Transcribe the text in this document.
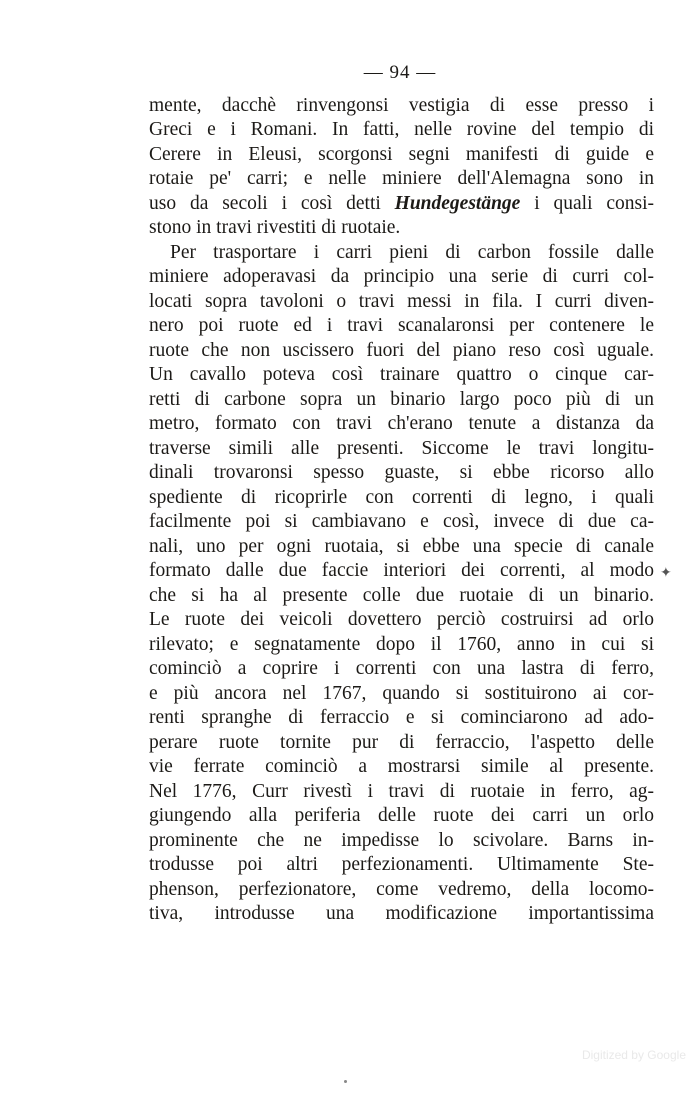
— 94 —
mente, dacchè rinvengonsi vestigia di esse presso i
Greci e i Romani. In fatti, nelle rovine del tempio di
Cerere in Eleusi, scorgonsi segni manifesti di guide e
rotaie pe' carri; e nelle miniere dell'Alemagna sono in
uso da secoli i così detti Hundegestänge i quali consi-
stono in travi rivestiti di ruotaie.
Per trasportare i carri pieni di carbon fossile dalle
miniere adoperavasi da principio una serie di curri col-
locati sopra tavoloni o travi messi in fila. I curri diven-
nero poi ruote ed i travi scanalaronsi per contenere le
ruote che non uscissero fuori del piano reso così uguale.
Un cavallo poteva così trainare quattro o cinque car-
retti di carbone sopra un binario largo poco più di un
metro, formato con travi ch'erano tenute a distanza da
traverse simili alle presenti. Siccome le travi longitu-
dinali trovaronsi spesso guaste, si ebbe ricorso allo
spediente di ricoprirle con correnti di legno, i quali
facilmente poi si cambiavano e così, invece di due ca-
nali, uno per ogni ruotaia, si ebbe una specie di canale
formato dalle due faccie interiori dei correnti, al modo
che si ha al presente colle due ruotaie di un binario.
Le ruote dei veicoli dovettero perciò costruirsi ad orlo
rilevato; e segnatamente dopo il 1760, anno in cui si
cominciò a coprire i correnti con una lastra di ferro,
e più ancora nel 1767, quando si sostituirono ai cor-
renti spranghe di ferraccio e si cominciarono ad ado-
perare ruote tornite pur di ferraccio, l'aspetto delle
vie ferrate cominciò a mostrarsi simile al presente.
Nel 1776, Curr rivestì i travi di ruotaie in ferro, ag-
giungendo alla periferia delle ruote dei carri un orlo
prominente che ne impedisse lo scivolare. Barns in-
trodusse poi altri perfezionamenti. Ultimamente Ste-
phenson, perfezionatore, come vedremo, della locomo-
tiva, introdusse una modificazione importantissima
✦
Digitized by Google
